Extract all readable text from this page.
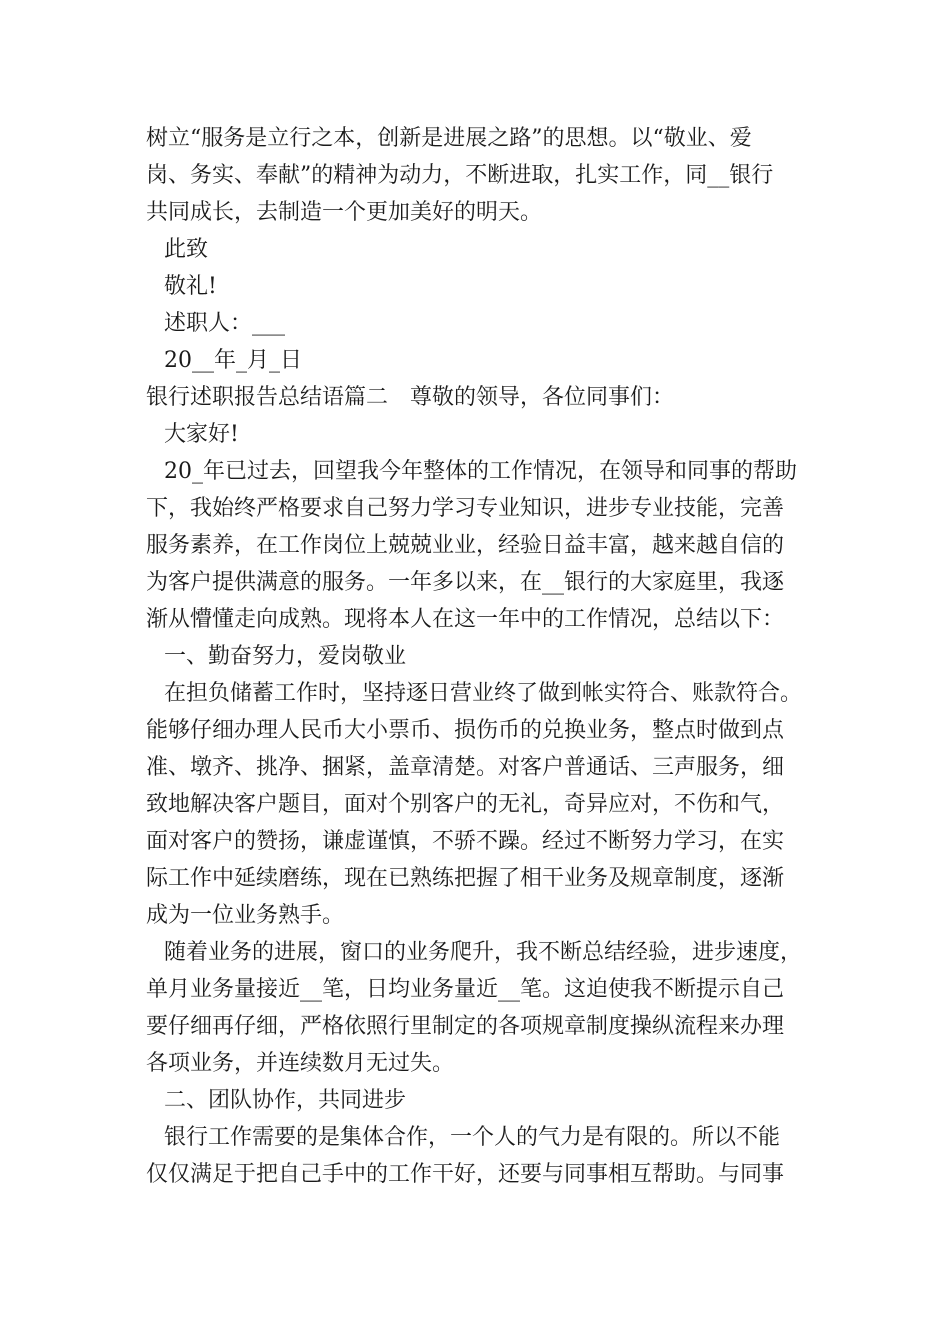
树立“服务是立行之本，创新是进展之路”的思想。以“敬业、爱
岗、务实、奉献”的精神为动力，不断进取，扎实工作，同__银行
共同成长，去制造一个更加美好的明天。
此致
敬礼!
述职人：___
20__年_月_日
银行述职报告总结语篇二　尊敬的领导，各位同事们：
大家好!
20_年已过去，回望我今年整体的工作情况，在领导和同事的帮助
下，我始终严格要求自己努力学习专业知识，进步专业技能，完善
服务素养，在工作岗位上兢兢业业，经验日益丰富，越来越自信的
为客户提供满意的服务。一年多以来，在__银行的大家庭里，我逐
渐从懵懂走向成熟。现将本人在这一年中的工作情况，总结以下：
一、勤奋努力，爱岗敬业
在担负储蓄工作时，坚持逐日营业终了做到帐实符合、账款符合。
能够仔细办理人民币大小票币、损伤币的兑换业务，整点时做到点
准、墩齐、挑净、捆紧，盖章清楚。对客户普通话、三声服务，细
致地解决客户题目，面对个别客户的无礼，奇异应对，不伤和气，
面对客户的赞扬，谦虚谨慎，不骄不躁。经过不断努力学习，在实
际工作中延续磨练，现在已熟练把握了相干业务及规章制度，逐渐
成为一位业务熟手。
随着业务的进展，窗口的业务爬升，我不断总结经验，进步速度，
单月业务量接近__笔，日均业务量近__笔。这迫使我不断提示自己
要仔细再仔细，严格依照行里制定的各项规章制度操纵流程来办理
各项业务，并连续数月无过失。
二、团队协作，共同进步
银行工作需要的是集体合作，一个人的气力是有限的。所以不能
仅仅满足于把自己手中的工作干好，还要与同事相互帮助。与同事
